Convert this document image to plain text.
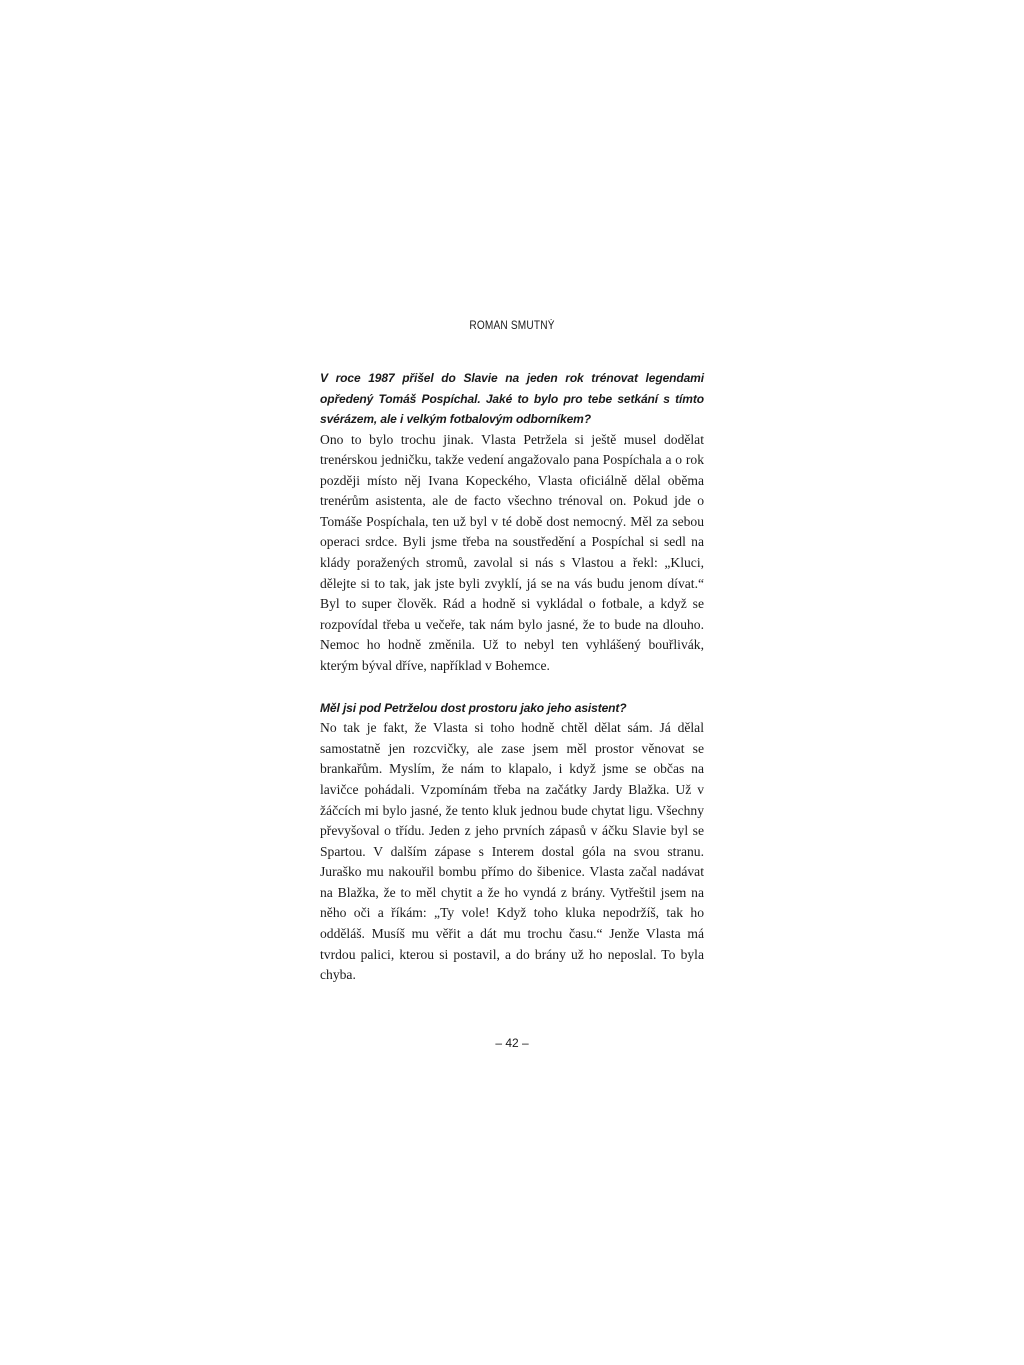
ROMAN SMUTNÝ

V roce 1987 přišel do Slavie na jeden rok trénovat legendami opředený Tomáš Pospíchal. Jaké to bylo pro tebe setkání s tímto svérázem, ale i velkým fotbalovým odborníkem?

Ono to bylo trochu jinak. Vlasta Petržela si ještě musel dodělat trenérskou jedničku, takže vedení angažovalo pana Pospíchala a o rok později místo něj Ivana Kopeckého, Vlasta oficiálně dělal oběma trenérům asistenta, ale de facto všechno trénoval on. Pokud jde o Tomáše Pospíchala, ten už byl v té době dost nemocný. Měl za sebou operaci srdce. Byli jsme třeba na soustředění a Pospíchal si sedl na klády poražených stromů, zavolal si nás s Vlastou a řekl: „Kluci, dělejte si to tak, jak jste byli zvyklí, já se na vás budu jenom dívat.“ Byl to super člověk. Rád a hodně si vykládal o fotbale, a když se rozpovídal třeba u večeře, tak nám bylo jasné, že to bude na dlouho. Nemoc ho hodně změnila. Už to nebyl ten vyhlášený bouřlivák, kterým býval dříve, například v Bohemce.

Měl jsi pod Petrželou dost prostoru jako jeho asistent?

No tak je fakt, že Vlasta si toho hodně chtěl dělat sám. Já dělal samostatně jen rozcvičky, ale zase jsem měl prostor věnovat se brankařům. Myslím, že nám to klapalo, i když jsme se občas na lavičce pohádali. Vzpomínám třeba na začátky Jardy Blažka. Už v žáčcích mi bylo jasné, že tento kluk jednou bude chytat ligu. Všechny převyšoval o třídu. Jeden z jeho prvních zápasů v áčku Slavie byl se Spartou. V dalším zápase s Interem dostal góla na svou stranu. Juraško mu nakouřil bombu přímo do šibenice. Vlasta začal nadávat na Blažka, že to měl chytit a že ho vyndá z brány. Vytřeštil jsem na něho oči a říkám: „Ty vole! Když toho kluka nepodržíš, tak ho odděláš. Musíš mu věřit a dát mu trochu času.“ Jenže Vlasta má tvrdou palici, kterou si postavil, a do brány už ho neposlal. To byla chyba.

– 42 –
